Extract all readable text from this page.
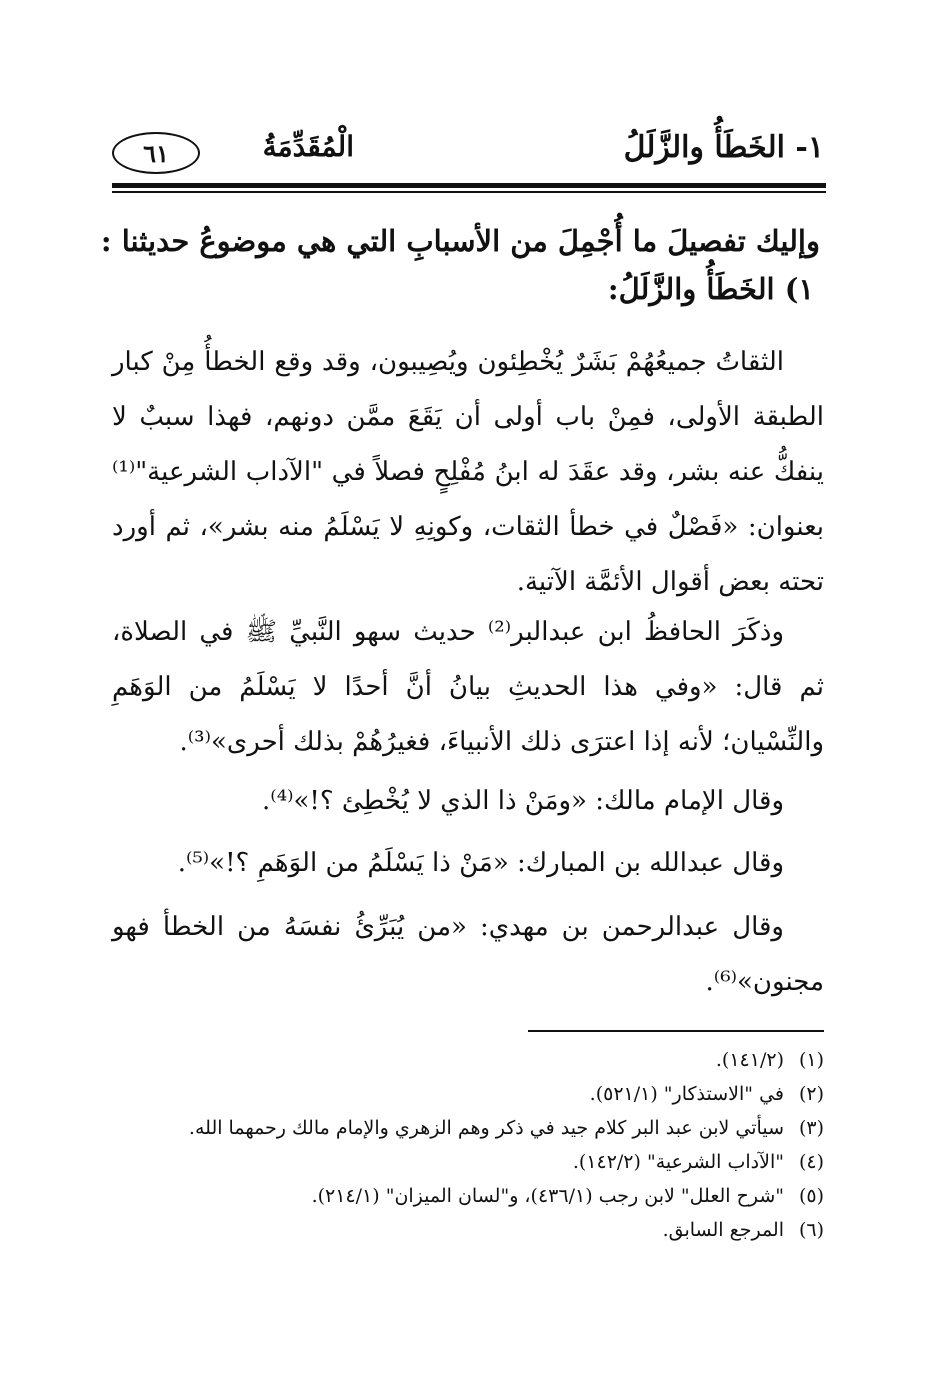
١- الخَطَأُ والزَّلَلُ
الْمُقَدِّمَةُ
٦١
وإليك تفصيلَ ما أُجْمِلَ من الأسبابِ التي هي موضوعُ حديثنا :
١) الخَطَأُ والزَّلَلُ:
الثقاتُ جميعُهُمْ بَشَرٌ يُخْطِئون ويُصِيبون، وقد وقع الخطأُ مِنْ كبار
الطبقة الأولى، فمِنْ باب أولى أن يَقَعَ ممَّن دونهم، فهذا سببٌ لا
ينفكُّ عنه بشر، وقد عقَدَ له ابنُ مُفْلِحٍ فصلاً في "الآداب الشرعية"⁽¹⁾
بعنوان: «فَصْلٌ في خطأ الثقات، وكونِهِ لا يَسْلَمُ منه بشر»، ثم أورد
تحته بعض أقوال الأئمَّة الآتية.
وذكَرَ الحافظُ ابن عبدالبر⁽²⁾ حديث سهو النَّبيِّ ﷺ في الصلاة،
ثم قال: «وفي هذا الحديثِ بيانُ أنَّ أحدًا لا يَسْلَمُ من الوَهَمِ
والنِّسْيان؛ لأنه إذا اعترَى ذلك الأنبياءَ، فغيرُهُمْ بذلك أحرى»⁽³⁾.
وقال الإمام مالك: «ومَنْ ذا الذي لا يُخْطِئ ؟!»⁽⁴⁾.
وقال عبدالله بن المبارك: «مَنْ ذا يَسْلَمُ من الوَهَمِ ؟!»⁽⁵⁾.
وقال عبدالرحمن بن مهدي: «من يُبَرِّئُ نفسَهُ من الخطأ فهو
مجنون»⁽⁶⁾.
(١)(١٤١/٢).
(٢)في "الاستذكار" (٥٢١/١).
(٣)سيأتي لابن عبد البر كلام جيد في ذكر وهم الزهري والإمام مالك رحمهما الله.
(٤)"الآداب الشرعية" (١٤٢/٢).
(٥)"شرح العلل" لابن رجب (٤٣٦/١)، و"لسان الميزان" (٢١٤/١).
(٦)المرجع السابق.
